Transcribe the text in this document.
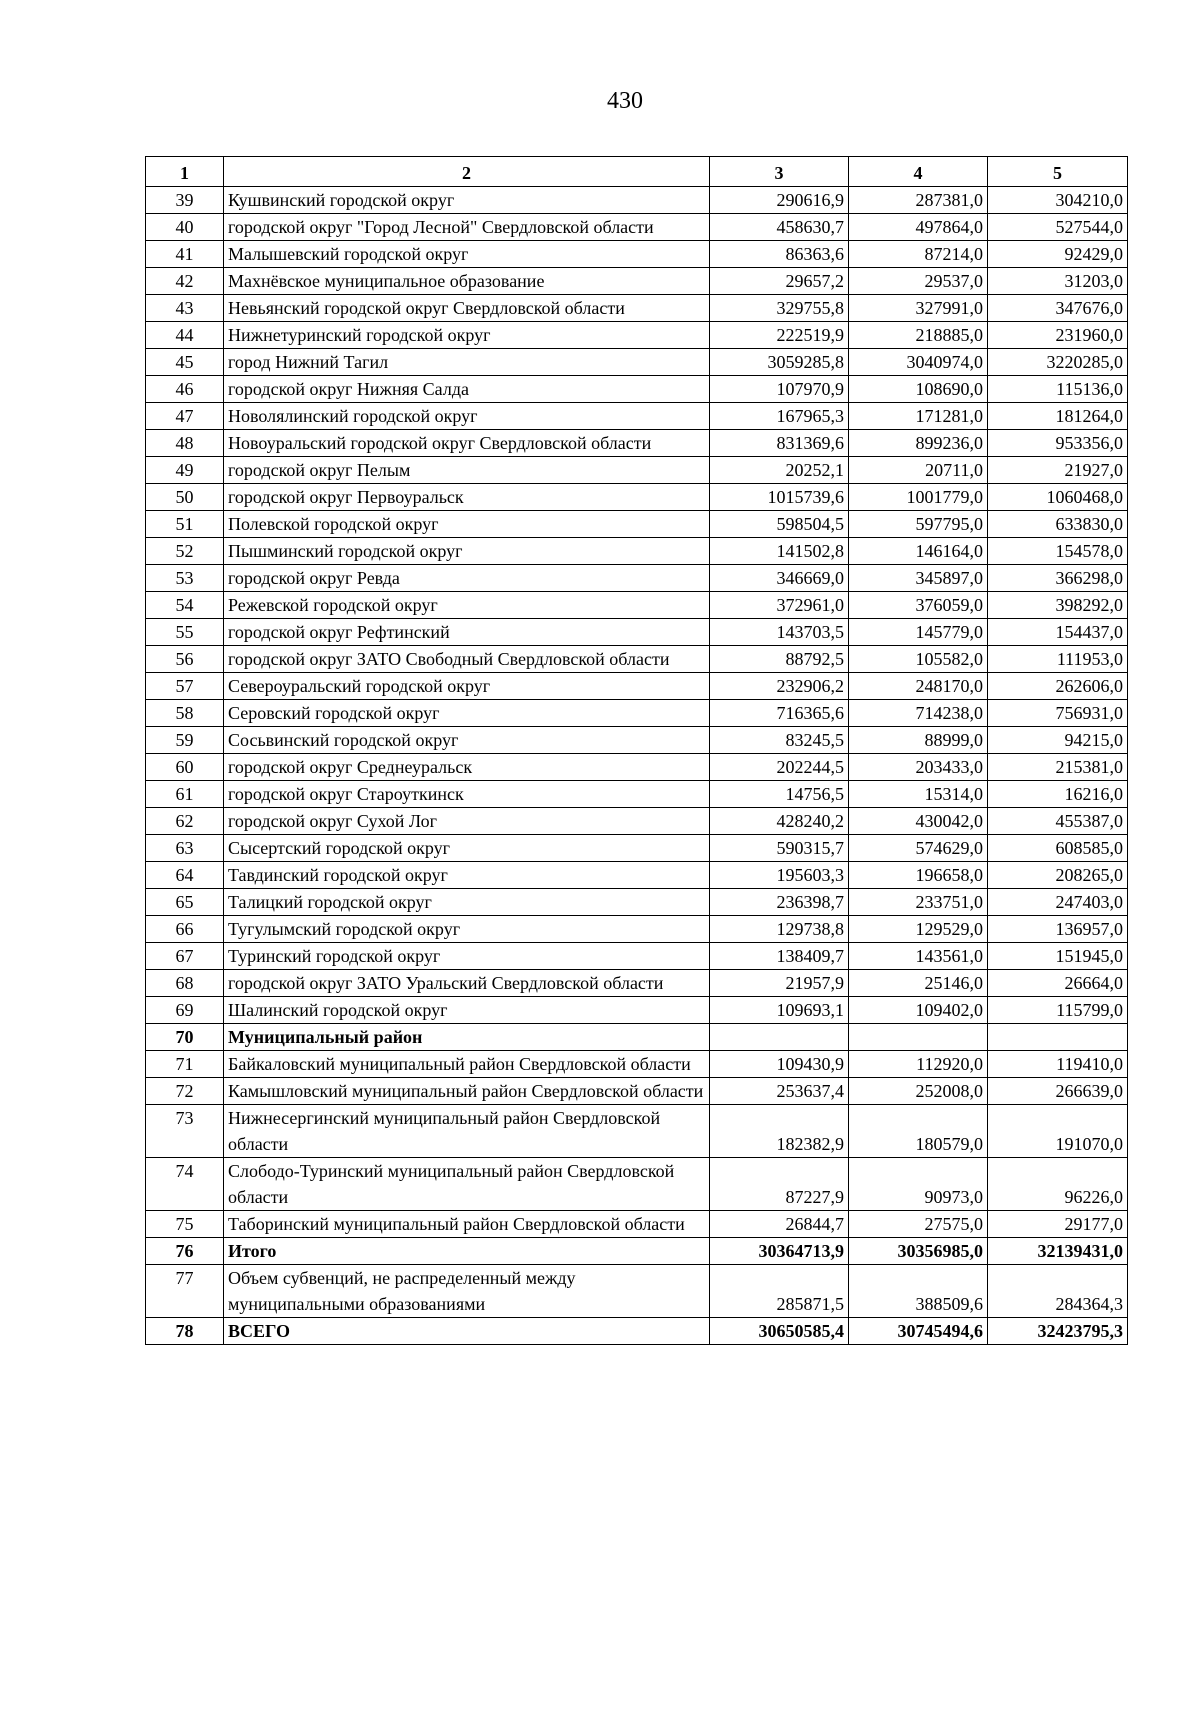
430
1	2	3	4	5
39	Кушвинский городской округ	290616,9	287381,0	304210,0
40	городской округ "Город Лесной" Свердловской области	458630,7	497864,0	527544,0
41	Малышевский городской округ	86363,6	87214,0	92429,0
42	Махнёвское муниципальное образование	29657,2	29537,0	31203,0
43	Невьянский городской округ Свердловской области	329755,8	327991,0	347676,0
44	Нижнетуринский городской округ	222519,9	218885,0	231960,0
45	город Нижний Тагил	3059285,8	3040974,0	3220285,0
46	городской округ Нижняя Салда	107970,9	108690,0	115136,0
47	Новолялинский городской округ	167965,3	171281,0	181264,0
48	Новоуральский городской округ Свердловской области	831369,6	899236,0	953356,0
49	городской округ Пелым	20252,1	20711,0	21927,0
50	городской округ Первоуральск	1015739,6	1001779,0	1060468,0
51	Полевской городской округ	598504,5	597795,0	633830,0
52	Пышминский городской округ	141502,8	146164,0	154578,0
53	городской округ Ревда	346669,0	345897,0	366298,0
54	Режевской городской округ	372961,0	376059,0	398292,0
55	городской округ Рефтинский	143703,5	145779,0	154437,0
56	городской округ ЗАТО Свободный Свердловской области	88792,5	105582,0	111953,0
57	Североуральский городской округ	232906,2	248170,0	262606,0
58	Серовский городской округ	716365,6	714238,0	756931,0
59	Сосьвинский городской округ	83245,5	88999,0	94215,0
60	городской округ Среднеуральск	202244,5	203433,0	215381,0
61	городской округ Староуткинск	14756,5	15314,0	16216,0
62	городской округ Сухой Лог	428240,2	430042,0	455387,0
63	Сысертский городской округ	590315,7	574629,0	608585,0
64	Тавдинский городской округ	195603,3	196658,0	208265,0
65	Талицкий городской округ	236398,7	233751,0	247403,0
66	Тугулымский городской округ	129738,8	129529,0	136957,0
67	Туринский городской округ	138409,7	143561,0	151945,0
68	городской округ ЗАТО Уральский Свердловской области	21957,9	25146,0	26664,0
69	Шалинский городской округ	109693,1	109402,0	115799,0
70	Муниципальный район			
71	Байкаловский муниципальный район Свердловской области	109430,9	112920,0	119410,0
72	Камышловский муниципальный район Свердловской области	253637,4	252008,0	266639,0
73	Нижнесергинский муниципальный район Свердловской области	182382,9	180579,0	191070,0
74	Слободо-Туринский муниципальный район Свердловской области	87227,9	90973,0	96226,0
75	Таборинский муниципальный район Свердловской области	26844,7	27575,0	29177,0
76	Итого	30364713,9	30356985,0	32139431,0
77	Объем субвенций, не распределенный между муниципальными образованиями	285871,5	388509,6	284364,3
78	ВСЕГО	30650585,4	30745494,6	32423795,3
